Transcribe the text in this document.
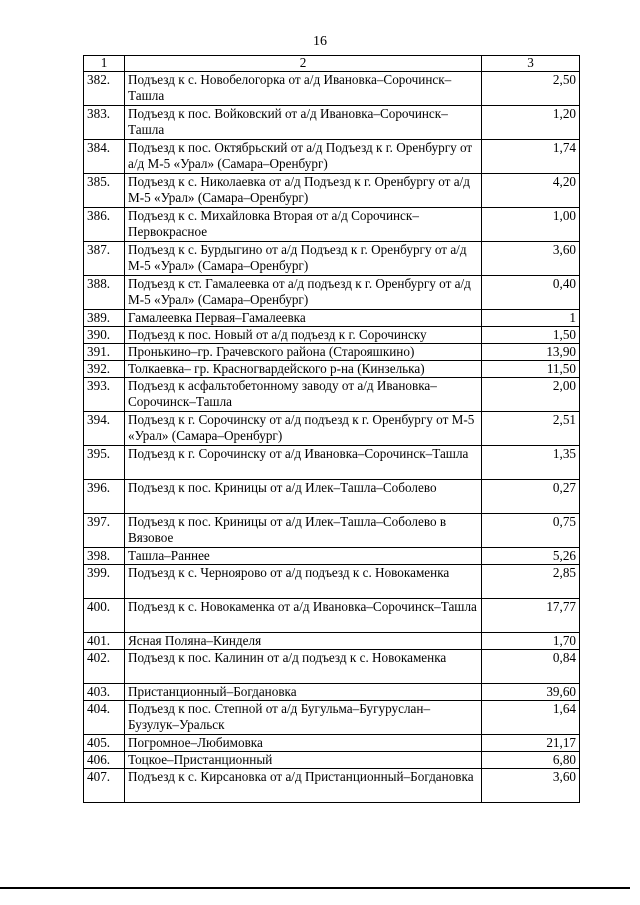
16
1	2	3
382.	Подъезд к с. Новобелогорка от а/д Ивановка–Сорочинск–Ташла	2,50
383.	Подъезд к пос. Войковский от а/д Ивановка–Сорочинск–Ташла	1,20
384.	Подъезд к пос. Октябрьский от а/д Подъезд к г. Оренбургу от а/д М-5 «Урал» (Самара–Оренбург)	1,74
385.	Подъезд к с. Николаевка от а/д Подъезд к г. Оренбургу от а/д М-5 «Урал» (Самара–Оренбург)	4,20
386.	Подъезд к с. Михайловка Вторая от а/д Сорочинск–Первокрасное	1,00
387.	Подъезд к с. Бурдыгино от а/д Подъезд к г. Оренбургу от а/д М-5 «Урал» (Самара–Оренбург)	3,60
388.	Подъезд к ст. Гамалеевка от а/д подъезд к г. Оренбургу от а/д М-5 «Урал» (Самара–Оренбург)	0,40
389.	Гамалеевка Первая–Гамалеевка	1
390.	Подъезд к пос. Новый от а/д подъезд к г. Сорочинску	1,50
391.	Пронькино–гр. Грачевского района (Старояшкино)	13,90
392.	Толкаевка– гр. Красногвардейского р-на (Кинзелька)	11,50
393.	Подъезд к асфальтобетонному заводу от а/д Ивановка–Сорочинск–Ташла	2,00
394.	Подъезд к г. Сорочинску от а/д подъезд к г. Оренбургу от М-5 «Урал» (Самара–Оренбург)	2,51
395.	Подъезд к г. Сорочинску от а/д Ивановка–Сорочинск–Ташла	1,35
396.	Подъезд к пос. Криницы от а/д Илек–Ташла–Соболево	0,27
397.	Подъезд к пос. Криницы от а/д Илек–Ташла–Соболево в Вязовое	0,75
398.	Ташла–Раннее	5,26
399.	Подъезд к с. Черноярово от а/д подъезд к с. Новокаменка	2,85
400.	Подъезд к с. Новокаменка от а/д Ивановка–Сорочинск–Ташла	17,77
401.	Ясная Поляна–Кинделя	1,70
402.	Подъезд к пос. Калинин от а/д подъезд к с. Новокаменка	0,84
403.	Пристанционный–Богдановка	39,60
404.	Подъезд к пос. Степной от а/д Бугульма–Бугуруслан–Бузулук–Уральск	1,64
405.	Погромное–Любимовка	21,17
406.	Тоцкое–Пристанционный	6,80
407.	Подъезд к с. Кирсановка от а/д Пристанционный–Богдановка	3,60
